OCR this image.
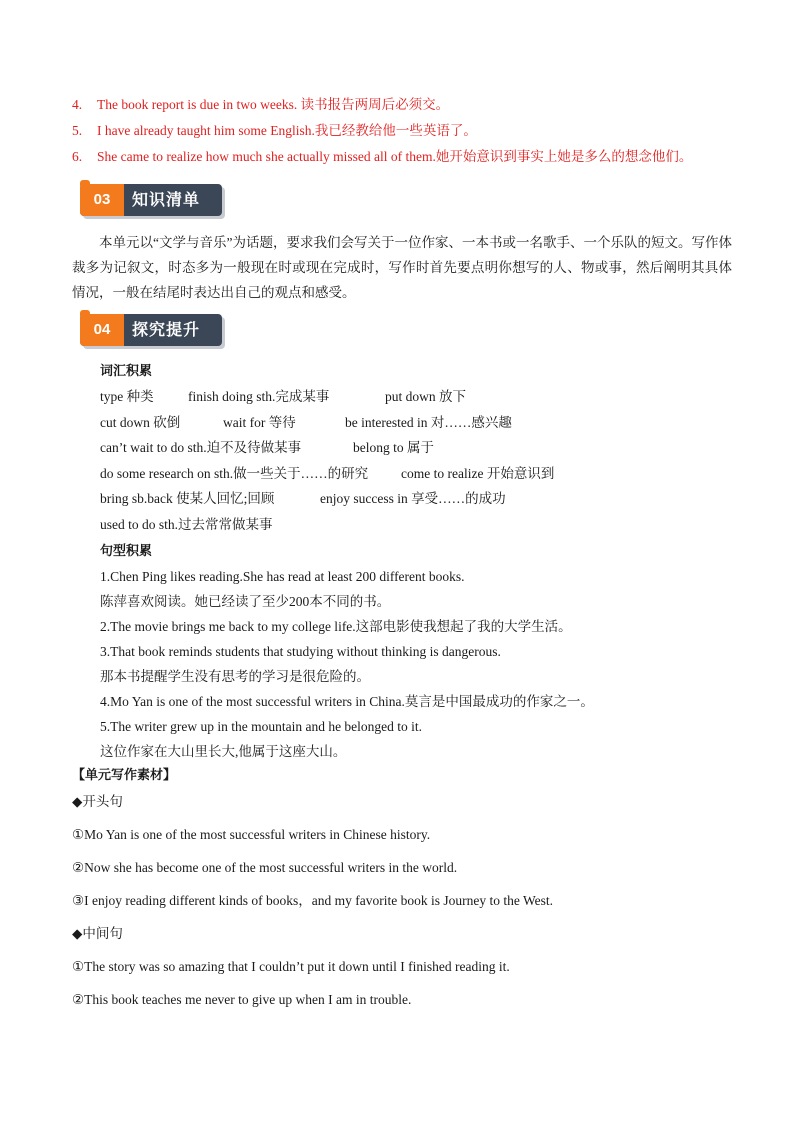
4. The book report is due in two weeks. 读书报告两周后必须交。
5. I have already taught him some English.我已经教给他一些英语了。
6. She came to realize how much she actually missed all of them.她开始意识到事实上她是多么的想念他们。
03	知识清单

本单元以“文学与音乐”为话题，要求我们会写关于一位作家、一本书或一名歌手、一个乐队的短文。写作体裁多为记叙文，时态多为一般现在时或现在完成时，写作时首先要点明你想写的人、物或事，然后阐明其具体情况，一般在结尾时表达出自己的观点和感受。

04	探究提升
词汇积累
type 种类	finish doing sth.完成某事	put down 放下
cut down 砍倒	wait for 等待	be interested in 对……感兴趣
can’t wait to do sth.迫不及待做某事	belong to 属于
do some research on sth.做一些关于……的研究 come to realize 开始意识到
bring sb.back 使某人回忆;回顾	enjoy success in 享受……的成功
used to do sth.过去常常做某事
句型积累
1.Chen Ping likes reading.She has read at least 200 different books.
陈萍喜欢阅读。她已经读了至少200本不同的书。
2.The movie brings me back to my college life.这部电影使我想起了我的大学生活。
3.That book reminds students that studying without thinking is dangerous.
那本书提醒学生没有思考的学习是很危险的。
4.Mo Yan is one of the most successful writers in China.莫言是中国最成功的作家之一。
5.The writer grew up in the mountain and he belonged to it.
这位作家在大山里长大,他属于这座大山。
【单元写作素材】
◆开头句
①Mo Yan is one of the most successful writers in Chinese history.
②Now she has become one of the most successful writers in the world.
③I enjoy reading different kinds of books，and my favorite book is Journey to the West.
◆中间句
①The story was so amazing that I couldn’t put it down until I finished reading it.
②This book teaches me never to give up when I am in trouble.
